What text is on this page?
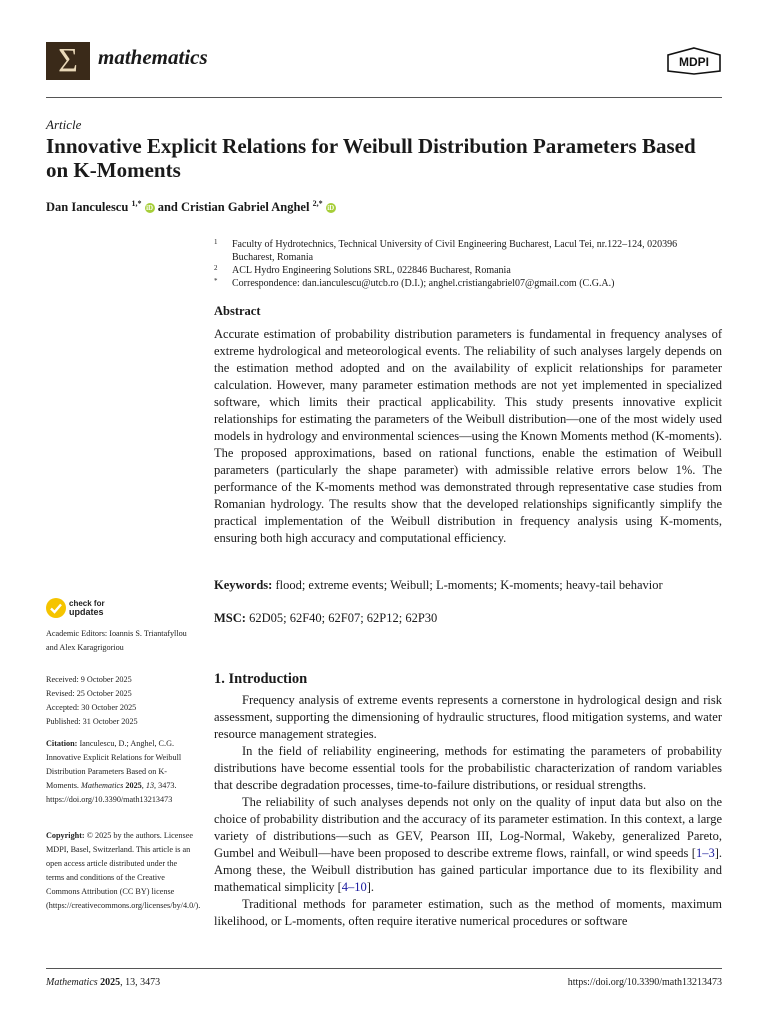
Σ mathematics	MDPI
Article
Innovative Explicit Relations for Weibull Distribution Parameters Based on K-Moments
Dan Ianculescu $^{1,*}$ iD and Cristian Gabriel Anghel $^{2,*}$ iD
1 Faculty of Hydrotechnics, Technical University of Civil Engineering Bucharest, Lacul Tei, nr.122–124, 020396 Bucharest, Romania
2 ACL Hydro Engineering Solutions SRL, 022846 Bucharest, Romania
* Correspondence: dan.ianculescu@utcb.ro (D.I.); anghel.cristiangabriel07@gmail.com (C.G.A.)
Abstract
Accurate estimation of probability distribution parameters is fundamental in frequency analyses of extreme hydrological and meteorological events. The reliability of such analyses largely depends on the estimation method adopted and on the availability of explicit relationships for parameter calculation. However, many parameter estimation methods are not yet implemented in specialized software, which limits their practical applicability. This study presents innovative explicit relationships for estimating the parameters of the Weibull distribution—one of the most widely used models in hydrology and environmental sciences—using the Known Moments method (K-moments). The proposed approximations, based on rational functions, enable the estimation of Weibull parameters (particularly the shape parameter) with admissible relative errors below 1%. The performance of the K-moments method was demonstrated through representative case studies from Romanian hydrology. The results show that the developed relationships significantly simplify the practical implementation of the Weibull distribution in frequency analysis using K-moments, ensuring both high accuracy and computational efficiency.
Keywords: flood; extreme events; Weibull; L-moments; K-moments; heavy-tail behavior
MSC: 62D05; 62F40; 62F07; 62P12; 62P30
1. Introduction

Frequency analysis of extreme events represents a cornerstone in hydrological design and risk assessment, supporting the dimensioning of hydraulic structures, flood mitigation systems, and water resource management strategies.

In the field of reliability engineering, methods for estimating the parameters of probability distributions have become essential tools for the probabilistic characterization of random variables that describe degradation processes, time-to-failure distributions, or residual strengths.

The reliability of such analyses depends not only on the quality of input data but also on the choice of probability distribution and the accuracy of its parameter estimation. In this context, a large variety of distributions—such as GEV, Pearson III, Log-Normal, Wakeby, generalized Pareto, Gumbel and Weibull—have been proposed to describe extreme flows, rainfall, or wind speeds [1–3]. Among these, the Weibull distribution has gained particular importance due to its flexibility and mathematical simplicity [4–10].

Traditional methods for parameter estimation, such as the method of moments, maximum likelihood, or L-moments, often require iterative numerical procedures or software

check for
updates
Academic Editors: Ioannis S. Triantafyllou and Alex Karagrigoriou
Received: 9 October 2025
Revised: 25 October 2025
Accepted: 30 October 2025
Published: 31 October 2025
Citation: Ianculescu, D.; Anghel, C.G. Innovative Explicit Relations for Weibull Distribution Parameters Based on K-Moments. Mathematics 2025, 13, 3473. https://doi.org/10.3390/math13213473
Copyright: © 2025 by the authors. Licensee MDPI, Basel, Switzerland. This article is an open access article distributed under the terms and conditions of the Creative Commons Attribution (CC BY) license (https://creativecommons.org/licenses/by/4.0/).
Mathematics 2025, 13, 3473	https://doi.org/10.3390/math13213473
